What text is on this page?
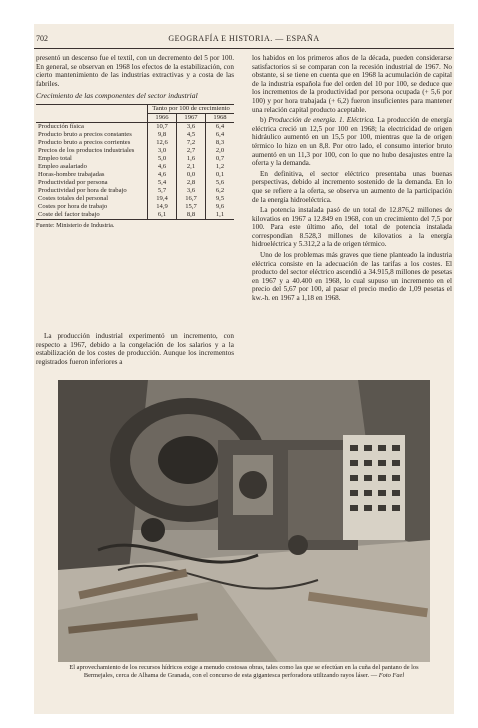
702	GEOGRAFÍA E HISTORIA. — ESPAÑA

presentó un descenso fue el textil, con un decremento del 5 por 100. En general, se observan en 1968 los efectos de la estabilización, con cierto mantenimiento de las industrias extractivas y a costa de las fabriles.

Crecimiento de las componentes del sector industrial
	Tanto por 100 de crecimiento		
	1966	1967	1968
Producción física	10,7	3,6	6,4
Producto bruto a precios constantes	9,8	4,5	6,4
Producto bruto a precios corrientes	12,6	7,2	8,3
Precios de los productos industriales	3,0	2,7	2,0
Empleo total	5,0	1,6	0,7
Empleo asalariado	4,6	2,1	1,2
Horas-hombre trabajadas	4,6	0,0	0,1
Productividad por persona	5,4	2,8	5,6
Productividad por hora de trabajo	5,7	3,6	6,2
Costes totales del personal	19,4	16,7	9,5
Costes por hora de trabajo	14,9	15,7	9,6
Coste del factor trabajo	6,1	8,8	1,1
Fuente: Ministerio de Industria.

La producción industrial experimentó un incremento, con respecto a 1967, debido a la congelación de los salarios y a la estabilización de los costes de producción. Aunque los incrementos registrados fueron inferiores a

los habidos en los primeros años de la década, pueden considerarse satisfactorios si se comparan con la recesión industrial de 1967. No obstante, si se tiene en cuenta que en 1968 la acumulación de capital de la industria española fue del orden del 10 por 100, se deduce que los incrementos de la productividad por persona ocupada (+ 5,6 por 100) y por hora trabajada (+ 6,2) fueron insuficientes para mantener una relación capital producto aceptable.

b) Producción de energía. 1. Eléctrica. La producción de energía eléctrica creció un 12,5 por 100 en 1968; la electricidad de origen hidráulico aumentó en un 15,5 por 100, mientras que la de origen térmico lo hizo en un 8,8. Por otro lado, el consumo interior bruto aumentó en un 11,3 por 100, con lo que no hubo desajustes entre la oferta y la demanda.

En definitiva, el sector eléctrico presentaba unas buenas perspectivas, debido al incremento sostenido de la demanda. En lo que se refiere a la oferta, se observa un aumento de la participación de la energía hidroeléctrica.

La potencia instalada pasó de un total de 12.876,2 millones de kilovatios en 1967 a 12.849 en 1968, con un crecimiento del 7,5 por 100. Para este último año, del total de potencia instalada correspondían 8.528,3 millones de kilovatios a la energía hidroeléctrica y 5.312,2 a la de origen térmico.

Uno de los problemas más graves que tiene planteado la industria eléctrica consiste en la adecuación de las tarifas a los costes. El producto del sector eléctrico ascendió a 34.915,8 millones de pesetas en 1967 y a 40.400 en 1968, lo cual supuso un incremento en el precio del 5,67 por 100, al pasar el precio medio de 1,09 pesetas el kw.-h. en 1967 a 1,18 en 1968.

El aprovechamiento de los recursos hídricos exige a menudo costosas obras, tales como las que se efectúan en la cuña del pantano de los Bermejales, cerca de Alhama de Granada, con el concurso de esta gigantesca perforadora utilizando rayos láser. — Foto Fael
